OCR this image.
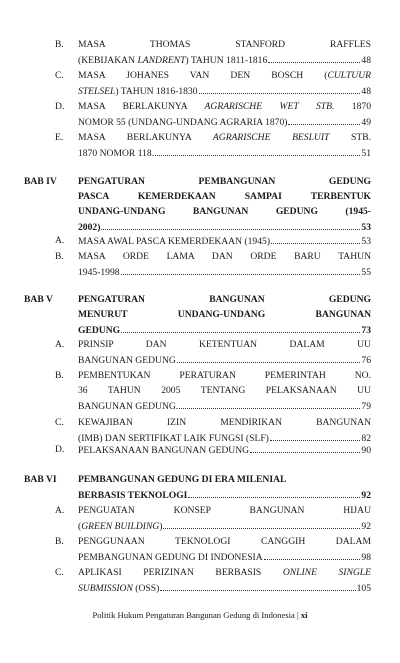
B.	MASA THOMAS STANFORD RAFFLES
(KEBIJAKAN LANDRENT) TAHUN 1811-1816	48
C.	MASA JOHANES VAN DEN BOSCH (CULTUUR
STELSEL) TAHUN 1816-1830	48
D.	MASA BERLAKUNYA AGRARISCHE WET STB. 1870
NOMOR 55 (UNDANG-UNDANG AGRARIA 1870)	49
E.	MASA BERLAKUNYA AGRARISCHE BESLUIT STB.
1870 NOMOR 118.	51
BAB IV PENGATURAN PEMBANGUNAN GEDUNG
PASCA KEMERDEKAAN SAMPAI TERBENTUK
UNDANG-UNDANG BANGUNAN GEDUNG (1945-
2002)	53
A.	MASA AWAL PASCA KEMERDEKAAN (1945)	53
B.	MASA ORDE LAMA DAN ORDE BARU TAHUN
1945-1998	55
BAB V	PENGATURAN BANGUNAN GEDUNG
MENURUT UNDANG-UNDANG BANGUNAN
GEDUNG	73
A.	PRINSIP DAN KETENTUAN DALAM UU
BANGUNAN GEDUNG	76
B.	PEMBENTUKAN PERATURAN PEMERINTAH NO.
36 TAHUN 2005 TENTANG PELAKSANAAN UU
BANGUNAN GEDUNG.	79
C.	KEWAJIBAN IZIN MENDIRIKAN BANGUNAN
(IMB) DAN SERTIFIKAT LAIK FUNGSI (SLF)	82
D.	PELAKSANAAN BANGUNAN GEDUNG	90
BAB VI PEMBANGUNAN GEDUNG DI ERA MILENIAL
BERBASIS TEKNOLOGI	92
A.	PENGUATAN KONSEP BANGUNAN HIJAU
(GREEN BUILDING)	92
B.	PENGGUNAAN TEKNOLOGI CANGGIH DALAM
PEMBANGUNAN GEDUNG DI INDONESIA	98
C.	APLIKASI PERIZINAN BERBASIS ONLINE SINGLE
SUBMISSION (OSS)	105
Politik Hukum Pengaturan Bangunan Gedung di Indonesia | xi
